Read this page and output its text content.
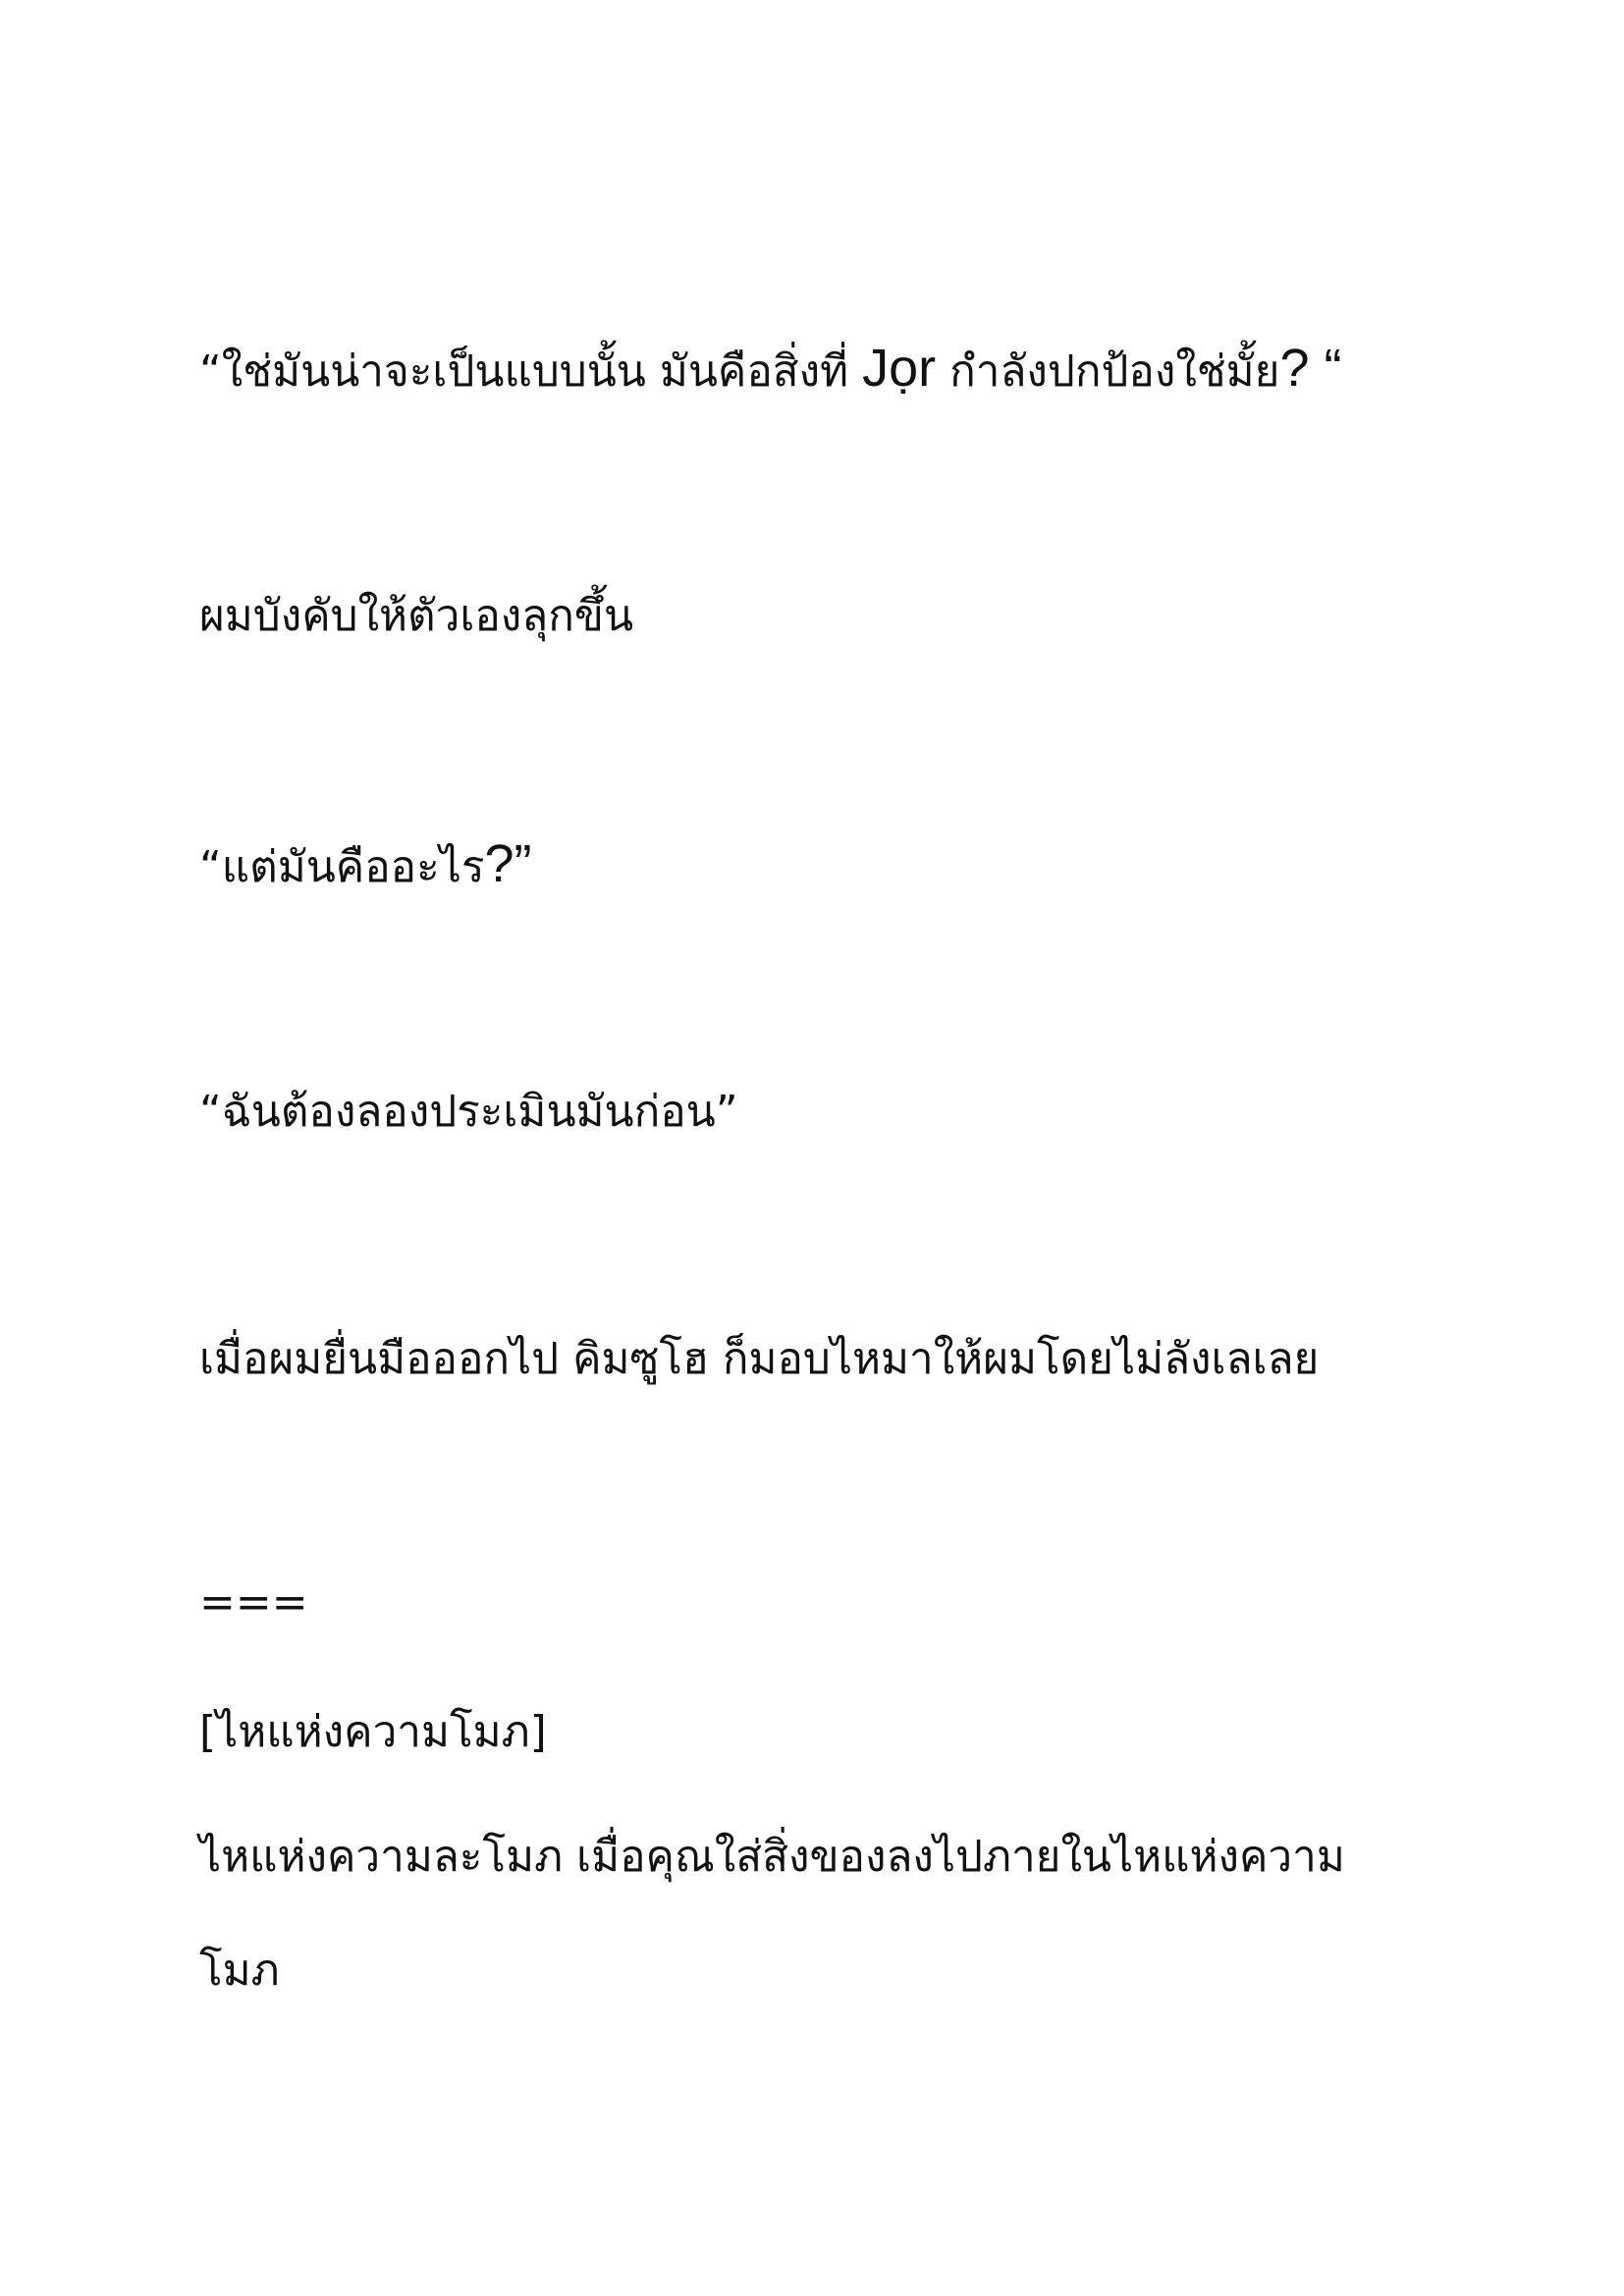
“ใช่มันน่าจะเป็นแบบนั้น มันคือสิ่งที่ Jọr กำลังปกป้องใช่มั้ย? “
ผมบังคับให้ตัวเองลุกขึ้น
“แต่มันคืออะไร?”
“ฉันต้องลองประเมินมันก่อน”
เมื่อผมยื่นมือออกไป คิมซูโฮ ก็มอบไหมาให้ผมโดยไม่ลังเลเลย
===
[ไหแห่งความโมภ]
ไหแห่งความละโมภ เมื่อคุณใส่สิ่งของลงไปภายในไหแห่งความ
โมภ
